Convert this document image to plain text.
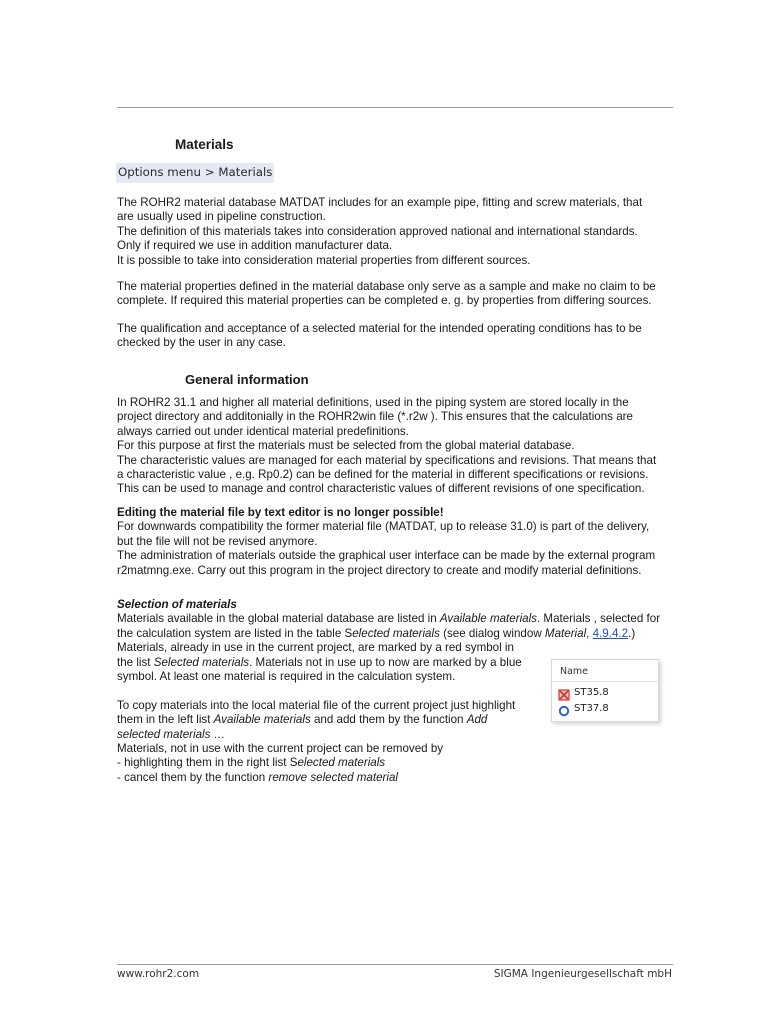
Materials
Options menu > Materials

The ROHR2 material database MATDAT includes for an example pipe, fitting and screw materials, that
are usually used in pipeline construction.
The definition of this materials takes into consideration approved national and international standards.
Only if required we use in addition manufacturer data.
It is possible to take into consideration material properties from different sources.

The material properties defined in the material database only serve as a sample and make no claim to be
complete. If required this material properties can be completed e. g. by properties from differing sources.

The qualification and acceptance of a selected material for the intended operating conditions has to be
checked by the user in any case.

General information

In ROHR2 31.1 and higher all material definitions, used in the piping system are stored locally in the
project directory and additonially in the ROHR2win file (*.r2w ). This ensures that the calculations are
always carried out under identical material predefinitions.
For this purpose at first the materials must be selected from the global material database.
The characteristic values are managed for each material by specifications and revisions. That means that
a characteristic value , e.g. Rp0.2) can be defined for the material in different specifications or revisions.
This can be used to manage and control characteristic values of different revisions of one specification.

Editing the material file by text editor is no longer possible!
For downwards compatibility the former material file (MATDAT, up to release 31.0) is part of the delivery,
but the file will not be revised anymore.
The administration of materials outside the graphical user interface can be made by the external program
r2matmng.exe. Carry out this program in the project directory to create and modify material definitions.

Selection of materials
Materials available in the global material database are listed in Available materials. Materials , selected for
the calculation system are listed in the table Selected materials (see dialog window Material, 4.9.4.2.)
Materials, already in use in the current project, are marked by a red symbol in
the list Selected materials. Materials not in use up to now are marked by a blue
symbol. At least one material is required in the calculation system.
To copy materials into the local material file of the current project just highlight
them in the left list Available materials and add them by the function Add
selected materials …
Materials, not in use with the current project can be removed by
- highlighting them in the right list Selected materials
- cancel them by the function remove selected material

Name
ST35.8
ST37.8
www.rohr2.com	SIGMA Ingenieurgesellschaft mbH
